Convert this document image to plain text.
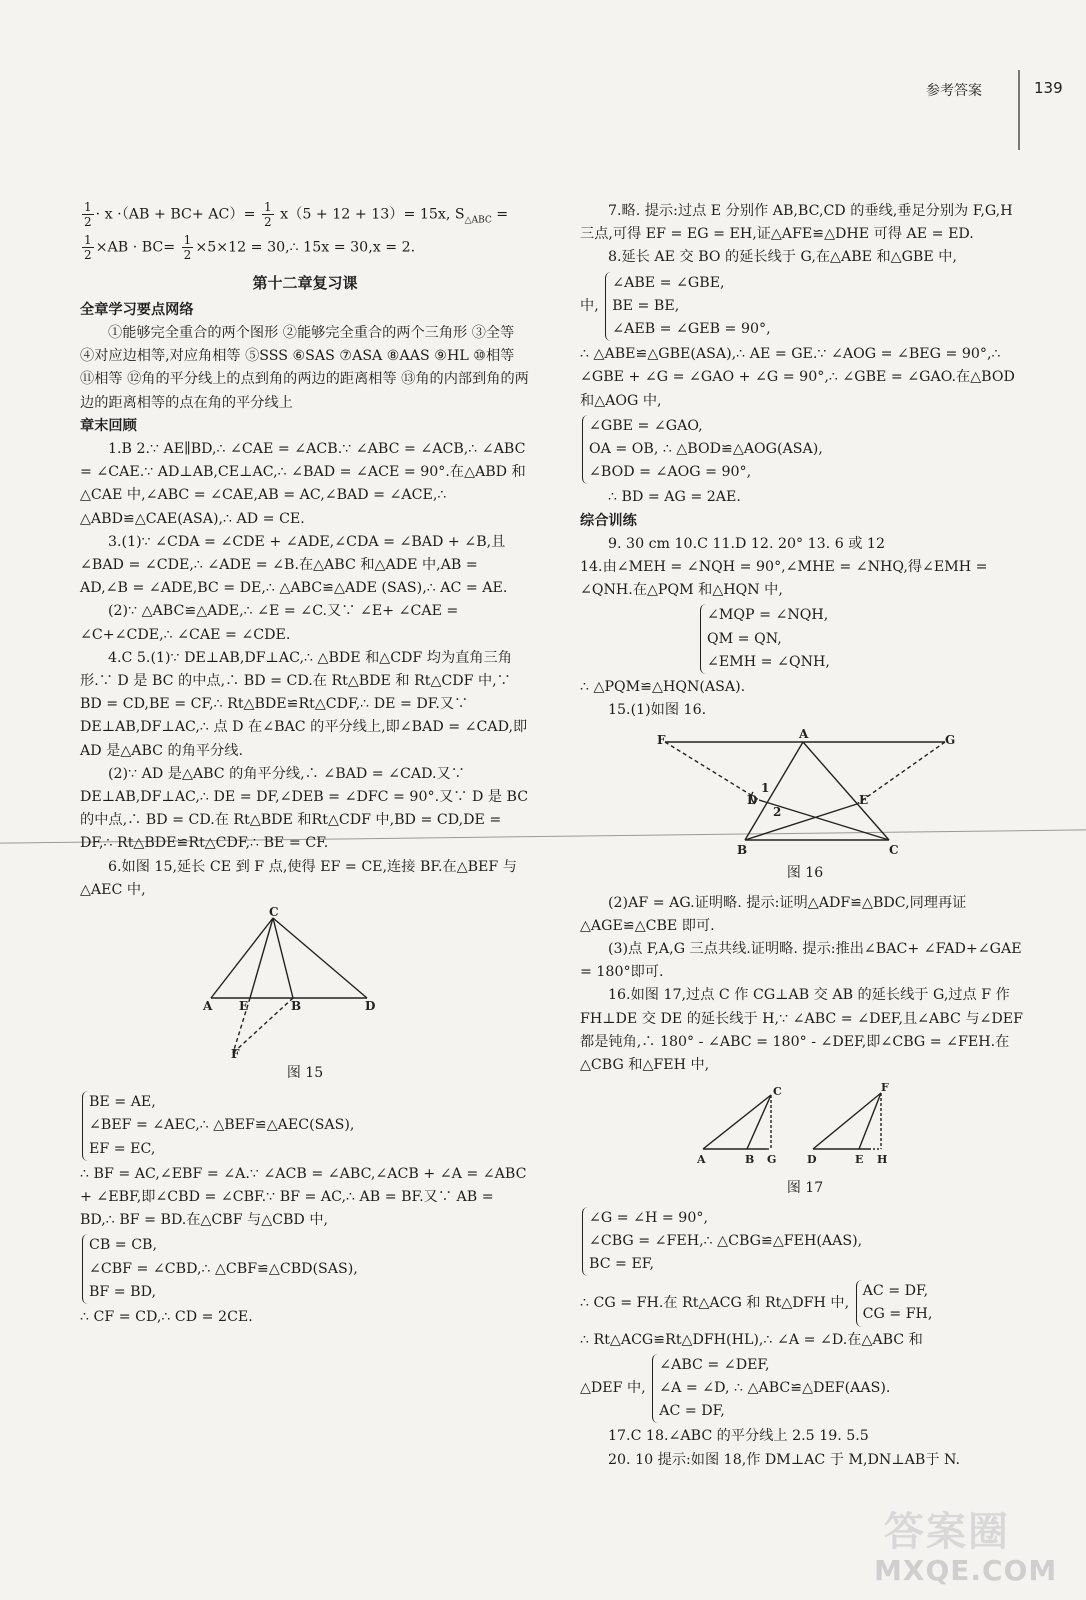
参考答案	139

$\frac{1}{2} \cdot x \cdot(AB + BC+ AC)= \frac{1}{2} x(5 + 12 + 13)= 15x$, $S_{\triangle ABC}$ =

$\frac{1}{2} \times AB \cdot BC= \frac{1}{2} \times 5\times 12$ = 30,∴ 15x = 30,x = 2.

第十二章复习课

全章学习要点网络

①能够完全重合的两个图形 ②能够完全重合的两个三角形 ③全等 ④对应边相等,对应角相等 ⑤SSS ⑥SAS ⑦ASA ⑧AAS ⑨HL ⑩相等 ⑪相等 ⑫角的平分线上的点到角的两边的距离相等 ⑬角的内部到角的两边的距离相等的点在角的平分线上

章末回顾

1.B 2.∵ AE∥BD,∴ ∠CAE = ∠ACB.∵ ∠ABC = ∠ACB,∴ ∠ABC = ∠CAE.∵ AD⊥AB,CE⊥AC,∴ ∠BAD = ∠ACE = 90°.在△ABD 和△CAE 中,∠ABC = ∠CAE,AB = AC,∠BAD = ∠ACE,∴ △ABD≌△CAE(ASA),∴ AD = CE.

3.(1)∵ ∠CDA = ∠CDE + ∠ADE,∠CDA = ∠BAD + ∠B,且∠BAD = ∠CDE,∴ ∠ADE = ∠B.在△ABC 和△ADE 中,AB = AD,∠B = ∠ADE,BC = DE,∴ △ABC≌△ADE (SAS),∴ AC = AE.

(2)∵ △ABC≌△ADE,∴ ∠E = ∠C.又∵ ∠E+ ∠CAE = ∠C+∠CDE,∴ ∠CAE = ∠CDE.

4.C 5.(1)∵ DE⊥AB,DF⊥AC,∴ △BDE 和△CDF 均为直角三角形.∵ D 是 BC 的中点,∴ BD = CD.在 Rt△BDE 和 Rt△CDF 中,∵ BD = CD,BE = CF,∴ Rt△BDE≌Rt△CDF,∴ DE = DF.又∵ DE⊥AB,DF⊥AC,∴ 点 D 在∠BAC 的平分线上,即∠BAD = ∠CAD,即 AD 是△ABC 的角平分线.

(2)∵ AD 是△ABC 的角平分线,∴ ∠BAD = ∠CAD.又∵ DE⊥AB,DF⊥AC,∴ DE = DF,∠DEB = ∠DFC = 90°.又∵ D 是 BC 的中点,∴ BD = CD.在 Rt△BDE 和Rt△CDF 中,BD = CD,DE = DF,∴ Rt△BDE≌Rt△CDF,∴ BE = CF.

6.如图 15,延长 CE 到 F 点,使得 EF = CE,连接 BF.在△BEF 与△AEC 中,

C
A E	B	D
F
图 15
BE = AE,
∠BEF = ∠AEC,∴ △BEF≌△AEC(SAS),
EF = EC,

∴ BF = AC,∠EBF = ∠A.∵ ∠ACB = ∠ABC,∠ACB + ∠A = ∠ABC + ∠EBF,即∠CBD = ∠CBF.∵ BF = AC,∴ AB = BF.又∵ AB = BD,∴ BF = BD.在△CBF 与△CBD 中,

CB = CB,
∠CBF = ∠CBD,∴ △CBF≌△CBD(SAS),
BF = BD,

∴ CF = CD,∴ CD = 2CE.

7.略. 提示:过点 E 分别作 AB,BC,CD 的垂线,垂足分别为 F,G,H 三点,可得 EF = EG = EH,证△AFE≌△DHE 可得 AE = ED.

8.延长 AE 交 BO 的延长线于 G,在△ABE 和△GBE 中,

中,
∠ABE = ∠GBE,
BE = BE,
∠AEB = ∠GEB = 90°,

∴ △ABE≌△GBE(ASA),∴ AE = GE.∵ ∠AOG = ∠BEG = 90°,∴ ∠GBE + ∠G = ∠GAO + ∠G = 90°,∴ ∠GBE = ∠GAO.在△BOD 和△AOG 中,

∠GBE = ∠GAO,
OA = OB, ∴ △BOD≌△AOG(ASA),
∠BOD = ∠AOG = 90°,

∴ BD = AG = 2AE.

综合训练

9. 30 cm 10.C 11.D 12. 20° 13. 6 或 12

14.由∠MEH = ∠NQH = 90°,∠MHE = ∠NHQ,得∠EMH = ∠QNH.在△PQM 和△HQN 中,

∠MQP = ∠NQH,
QM = QN,
∠EMH = ∠QNH,

∴ △PQM≌△HQN(ASA).

15.(1)如图 16.

F	A	G
1
D
2
E
B	C
图 16

(2)AF = AG.证明略. 提示:证明△ADF≌△BDC,同理再证△AGE≌△CBE 即可.

(3)点 F,A,G 三点共线.证明略. 提示:推出∠BAC+ ∠FAD+∠GAE = 180°即可.

16.如图 17,过点 C 作 CG⊥AB 交 AB 的延长线于 G,过点 F 作 FH⊥DE 交 DE 的延长线于 H,∵ ∠ABC = ∠DEF,且∠ABC 与∠DEF 都是钝角,∴ 180° - ∠ABC = 180° - ∠DEF,即∠CBG = ∠FEH.在△CBG 和△FEH 中,

C
A	B G
F
D	E H
图 17
∠G = ∠H = 90°,
∠CBG = ∠FEH,∴ △CBG≌△FEH(AAS),
BC = EF,
∴ CG = FH.在 Rt△ACG 和 Rt△DFH 中,
AC = DF,
CG = FH,

∴ Rt△ACG≌Rt△DFH(HL),∴ ∠A = ∠D.在△ABC 和

△DEF 中,
∠ABC = ∠DEF,
∠A = ∠D, ∴ △ABC≌△DEF(AAS).
AC = DF,

17.C 18.∠ABC 的平分线上 2.5 19. 5.5

20. 10 提示:如图 18,作 DM⊥AC 于 M,DN⊥AB于 N.

答案圈
MXQE.COM
